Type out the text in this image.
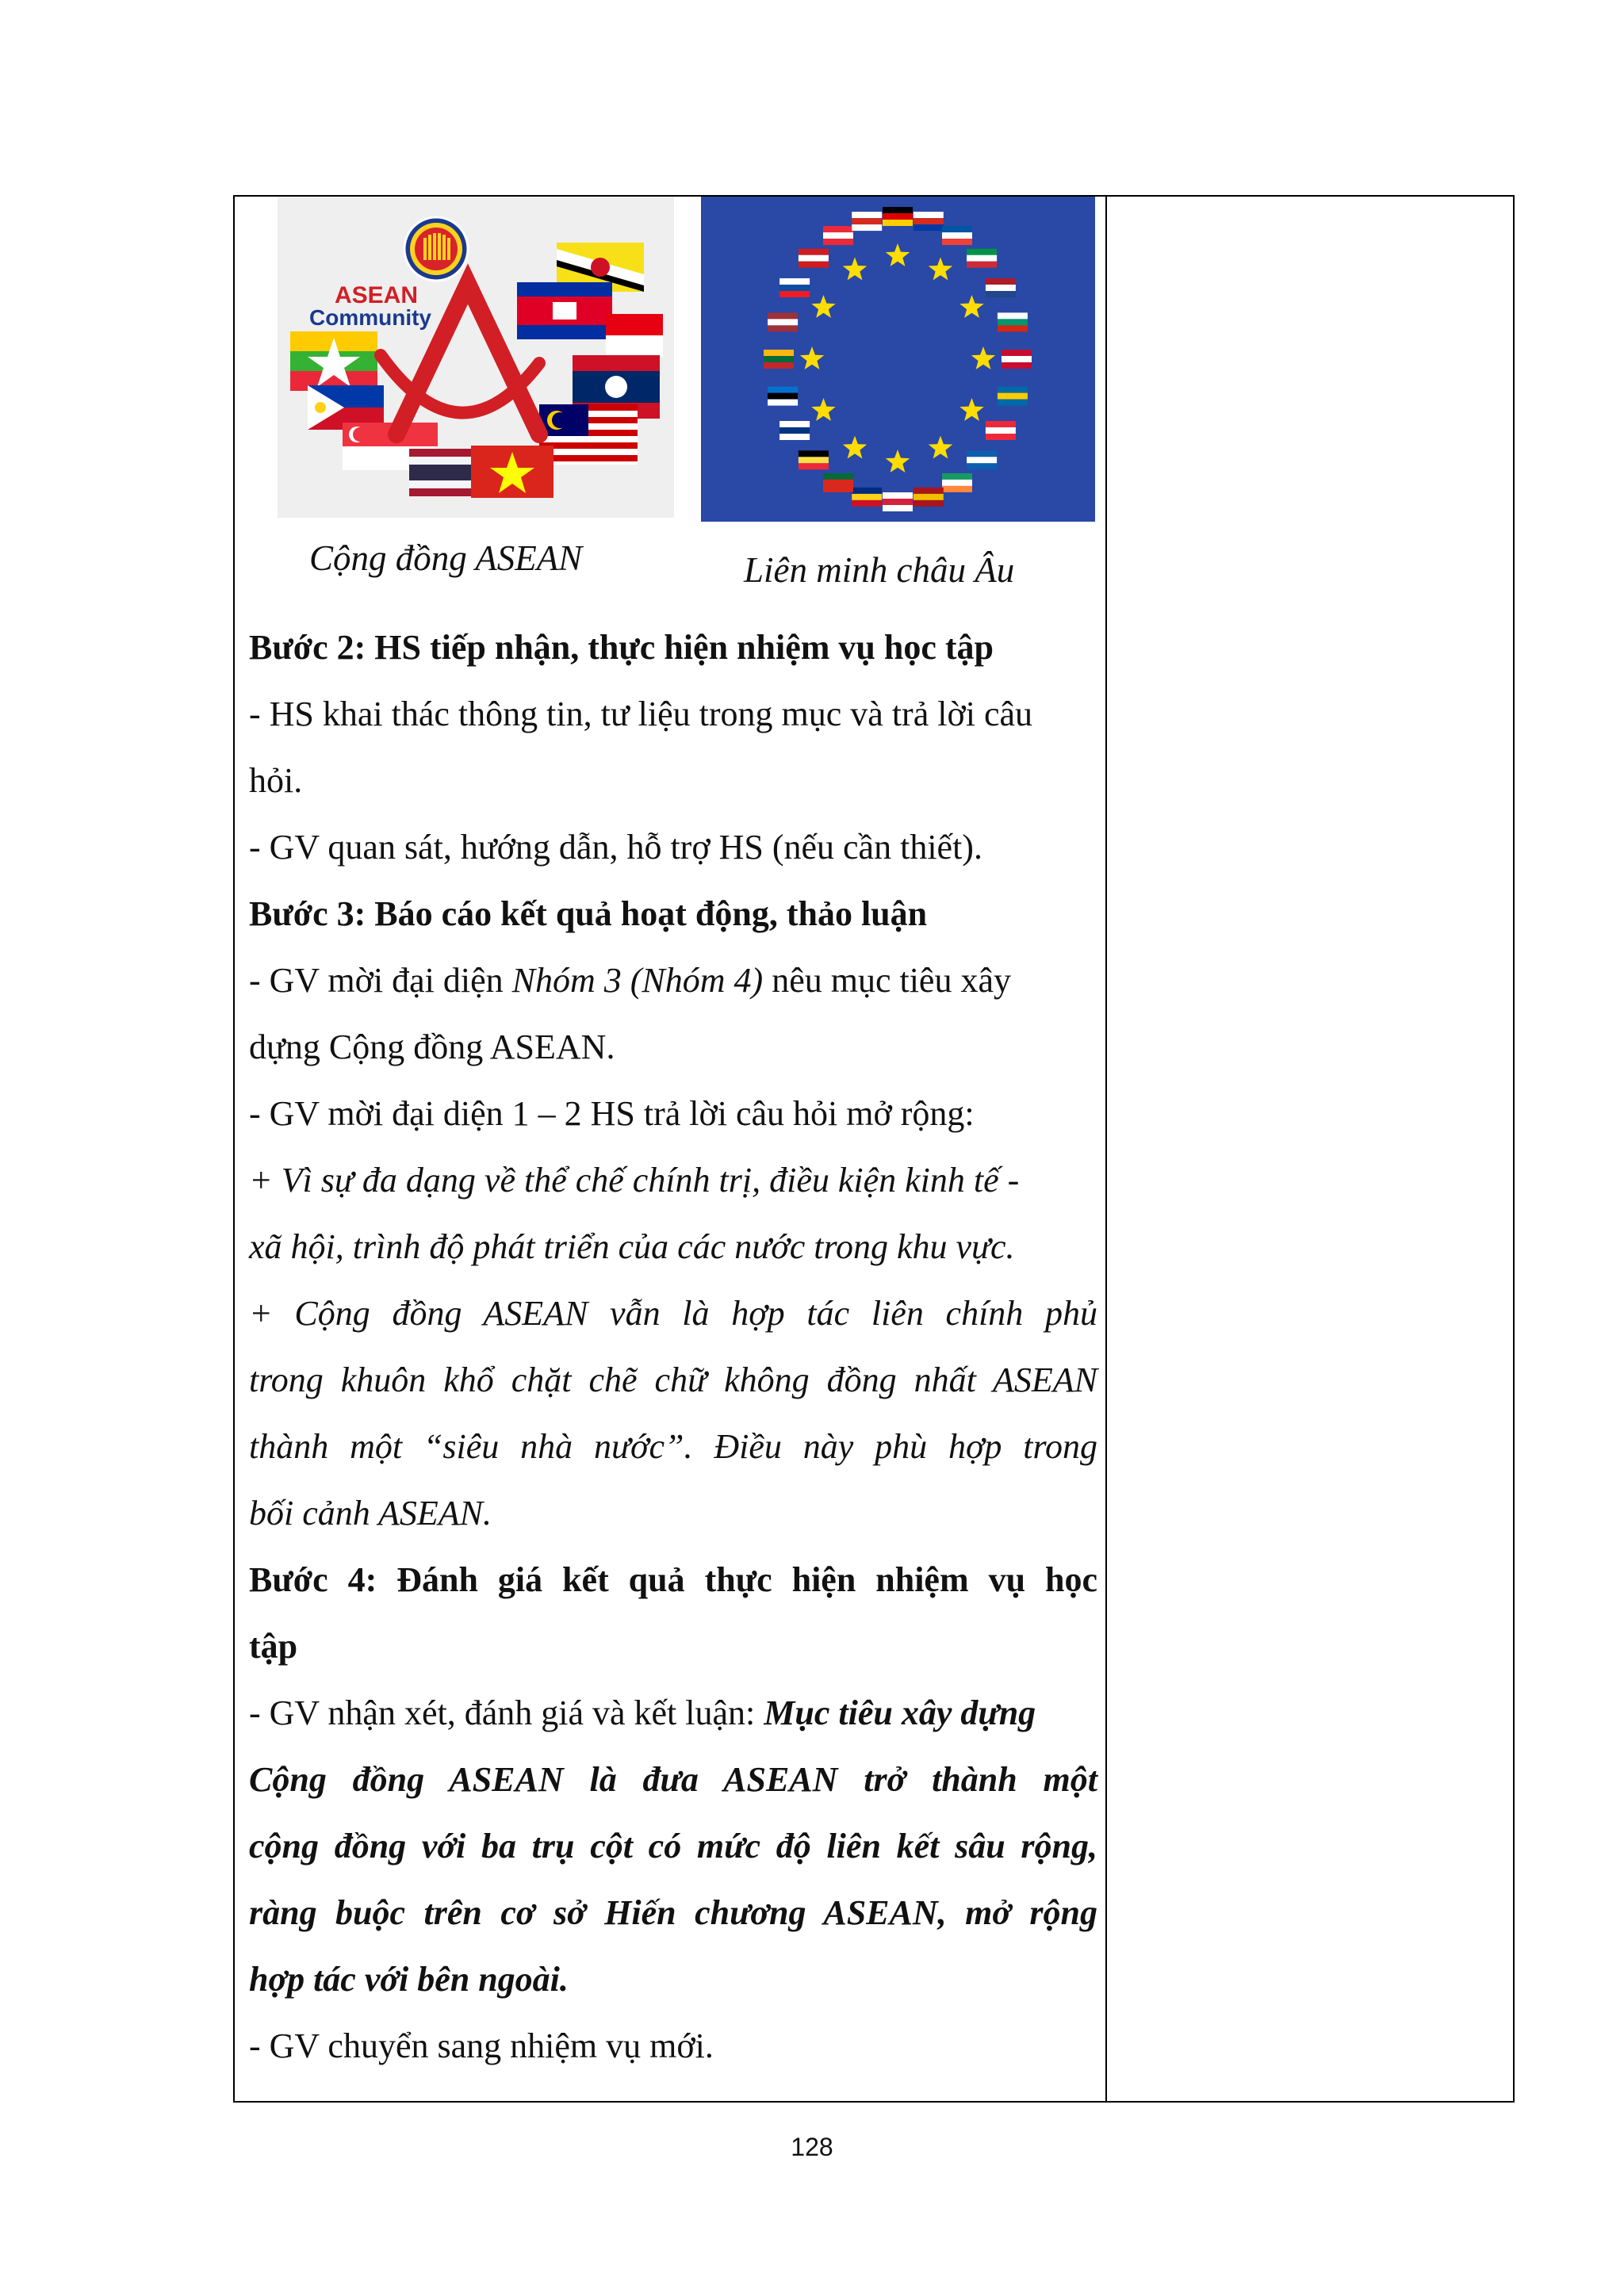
ASEAN
Community
Cộng đồng ASEAN	Liên minh châu Âu
Bước 2: HS tiếp nhận, thực hiện nhiệm vụ học tập
- HS khai thác thông tin, tư liệu trong mục và trả lời câu
hỏi.
- GV quan sát, hướng dẫn, hỗ trợ HS (nếu cần thiết).
Bước 3: Báo cáo kết quả hoạt động, thảo luận
- GV mời đại diện Nhóm 3 (Nhóm 4) nêu mục tiêu xây
dựng Cộng đồng ASEAN.
- GV mời đại diện 1 – 2 HS trả lời câu hỏi mở rộng:
+ Vì sự đa dạng về thể chế chính trị, điều kiện kinh tế -
xã hội, trình độ phát triển của các nước trong khu vực.
+ Cộng đồng ASEAN vẫn là hợp tác liên chính phủ
trong khuôn khổ chặt chẽ chữ không đồng nhất ASEAN
thành một “siêu nhà nước”. Điều này phù hợp trong
bối cảnh ASEAN.
Bước 4: Đánh giá kết quả thực hiện nhiệm vụ học
tập
- GV nhận xét, đánh giá và kết luận: Mục tiêu xây dựng
Cộng đồng ASEAN là đưa ASEAN trở thành một
cộng đồng với ba trụ cột có mức độ liên kết sâu rộng,
ràng buộc trên cơ sở Hiến chương ASEAN, mở rộng
hợp tác với bên ngoài.
- GV chuyển sang nhiệm vụ mới.
128
